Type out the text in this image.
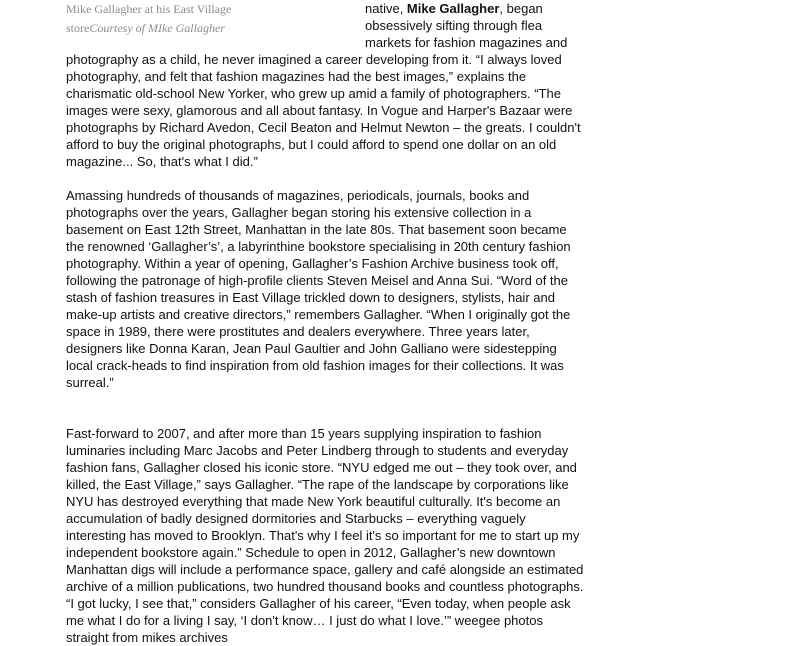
Mike Gallagher at his East Village
storeCourtesy of MIke Gallagher

native, Mike Gallagher, began
obsessively sifting through flea
markets for fashion magazines and
photography as a child, he never imagined a career developing from it. “I always loved photography, and felt that fashion magazines had the best images,” explains the charismatic old-school New Yorker, who grew up amid a family of photographers. “The images were sexy, glamorous and all about fantasy. In Vogue and Harper's Bazaar were photographs by Richard Avedon, Cecil Beaton and Helmut Newton – the greats. I couldn't afford to buy the original photographs, but I could afford to spend one dollar on an old magazine... So, that's what I did.”

Amassing hundreds of thousands of magazines, periodicals, journals, books and photographs over the years, Gallagher began storing his extensive collection in a basement on East 12th Street, Manhattan in the late 80s. That basement soon became the renowned ‘Gallagher’s’, a labyrinthine bookstore specialising in 20th century fashion photography. Within a year of opening, Gallagher’s Fashion Archive business took off, following the patronage of high-profile clients Steven Meisel and Anna Sui. “Word of the stash of fashion treasures in East Village trickled down to designers, stylists, hair and make-up artists and creative directors,” remembers Gallagher. “When I originally got the space in 1989, there were prostitutes and dealers everywhere. Three years later, designers like Donna Karan, Jean Paul Gaultier and John Galliano were sidestepping local crack-heads to find inspiration from old fashion images for their collections. It was surreal.”

Fast-forward to 2007, and after more than 15 years supplying inspiration to fashion luminaries including Marc Jacobs and Peter Lindberg through to students and everyday fashion fans, Gallagher closed his iconic store. “NYU edged me out – they took over, and killed, the East Village,” says Gallagher. “The rape of the landscape by corporations like NYU has destroyed everything that made New York beautiful culturally. It's become an accumulation of badly designed dormitories and Starbucks – everything vaguely interesting has moved to Brooklyn. That's why I feel it's so important for me to start up my independent bookstore again.” Schedule to open in 2012, Gallagher’s new downtown Manhattan digs will include a performance space, gallery and café alongside an estimated archive of a million publications, two hundred thousand books and countless photographs. “I got lucky, I see that,” considers Gallagher of his career, “Even today, when people ask me what I do for a living I say, ‘I don't know… I just do what I love.’” weegee photos straight from mikes archives
